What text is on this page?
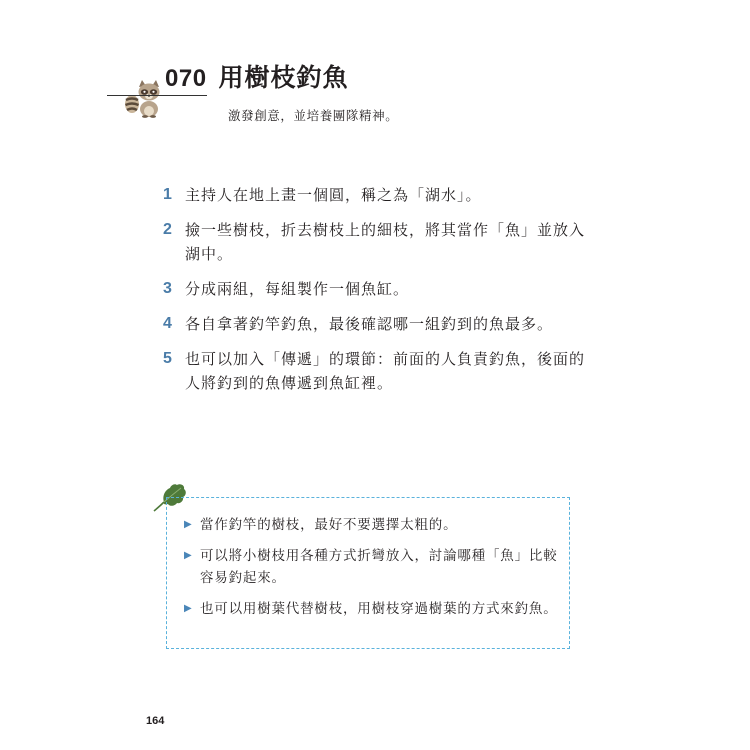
070 用樹枝釣魚
激發創意，並培養團隊精神。
1 主持人在地上畫一個圓，稱之為「湖水」。
2 撿一些樹枝，折去樹枝上的細枝，將其當作「魚」並放入湖中。
3 分成兩組，每組製作一個魚缸。
4 各自拿著釣竿釣魚，最後確認哪一組釣到的魚最多。
5 也可以加入「傳遞」的環節：前面的人負責釣魚，後面的人將釣到的魚傳遞到魚缸裡。
▶ 當作釣竿的樹枝，最好不要選擇太粗的。
▶ 可以將小樹枝用各種方式折彎放入，討論哪種「魚」比較容易釣起來。
▶ 也可以用樹葉代替樹枝，用樹枝穿過樹葉的方式來釣魚。
164
